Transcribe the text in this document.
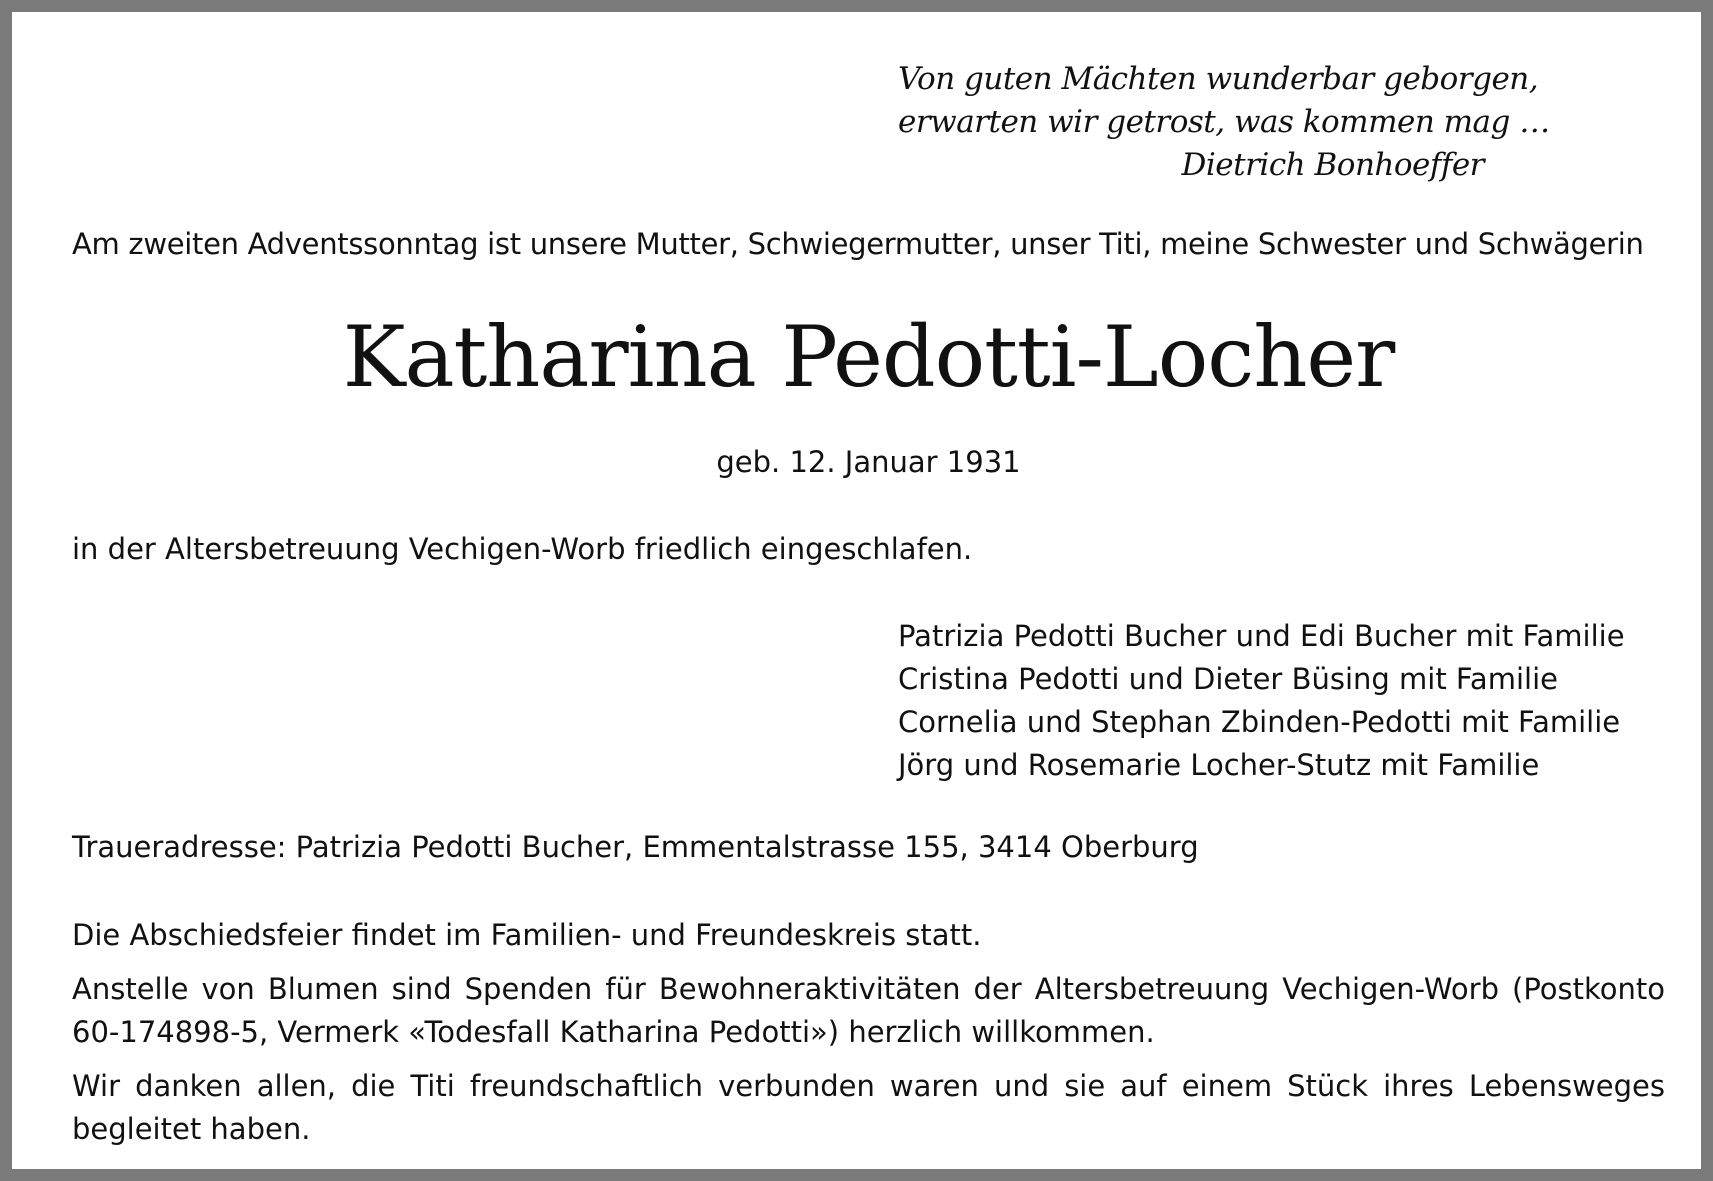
Von guten Mächten wunderbar geborgen,
erwarten wir getrost, was kommen mag …
Dietrich Bonhoeffer
Am zweiten Adventssonntag ist unsere Mutter, Schwiegermutter, unser Titi, meine Schwester und Schwägerin
Katharina Pedotti-Locher
geb. 12. Januar 1931
in der Altersbetreuung Vechigen-Worb friedlich eingeschlafen.
Patrizia Pedotti Bucher und Edi Bucher mit Familie
Cristina Pedotti und Dieter Büsing mit Familie
Cornelia und Stephan Zbinden-Pedotti mit Familie
Jörg und Rosemarie Locher-Stutz mit Familie
Traueradresse: Patrizia Pedotti Bucher, Emmentalstrasse 155, 3414 Oberburg

Die Abschiedsfeier findet im Familien- und Freundeskreis statt.

Anstelle von Blumen sind Spenden für Bewohneraktivitäten der Altersbetreuung Vechigen-Worb (Postkonto 60-174898-5, Vermerk «Todesfall Katharina Pedotti») herzlich willkommen.

Wir danken allen, die Titi freundschaftlich verbunden waren und sie auf einem Stück ihres Lebensweges begleitet haben.
